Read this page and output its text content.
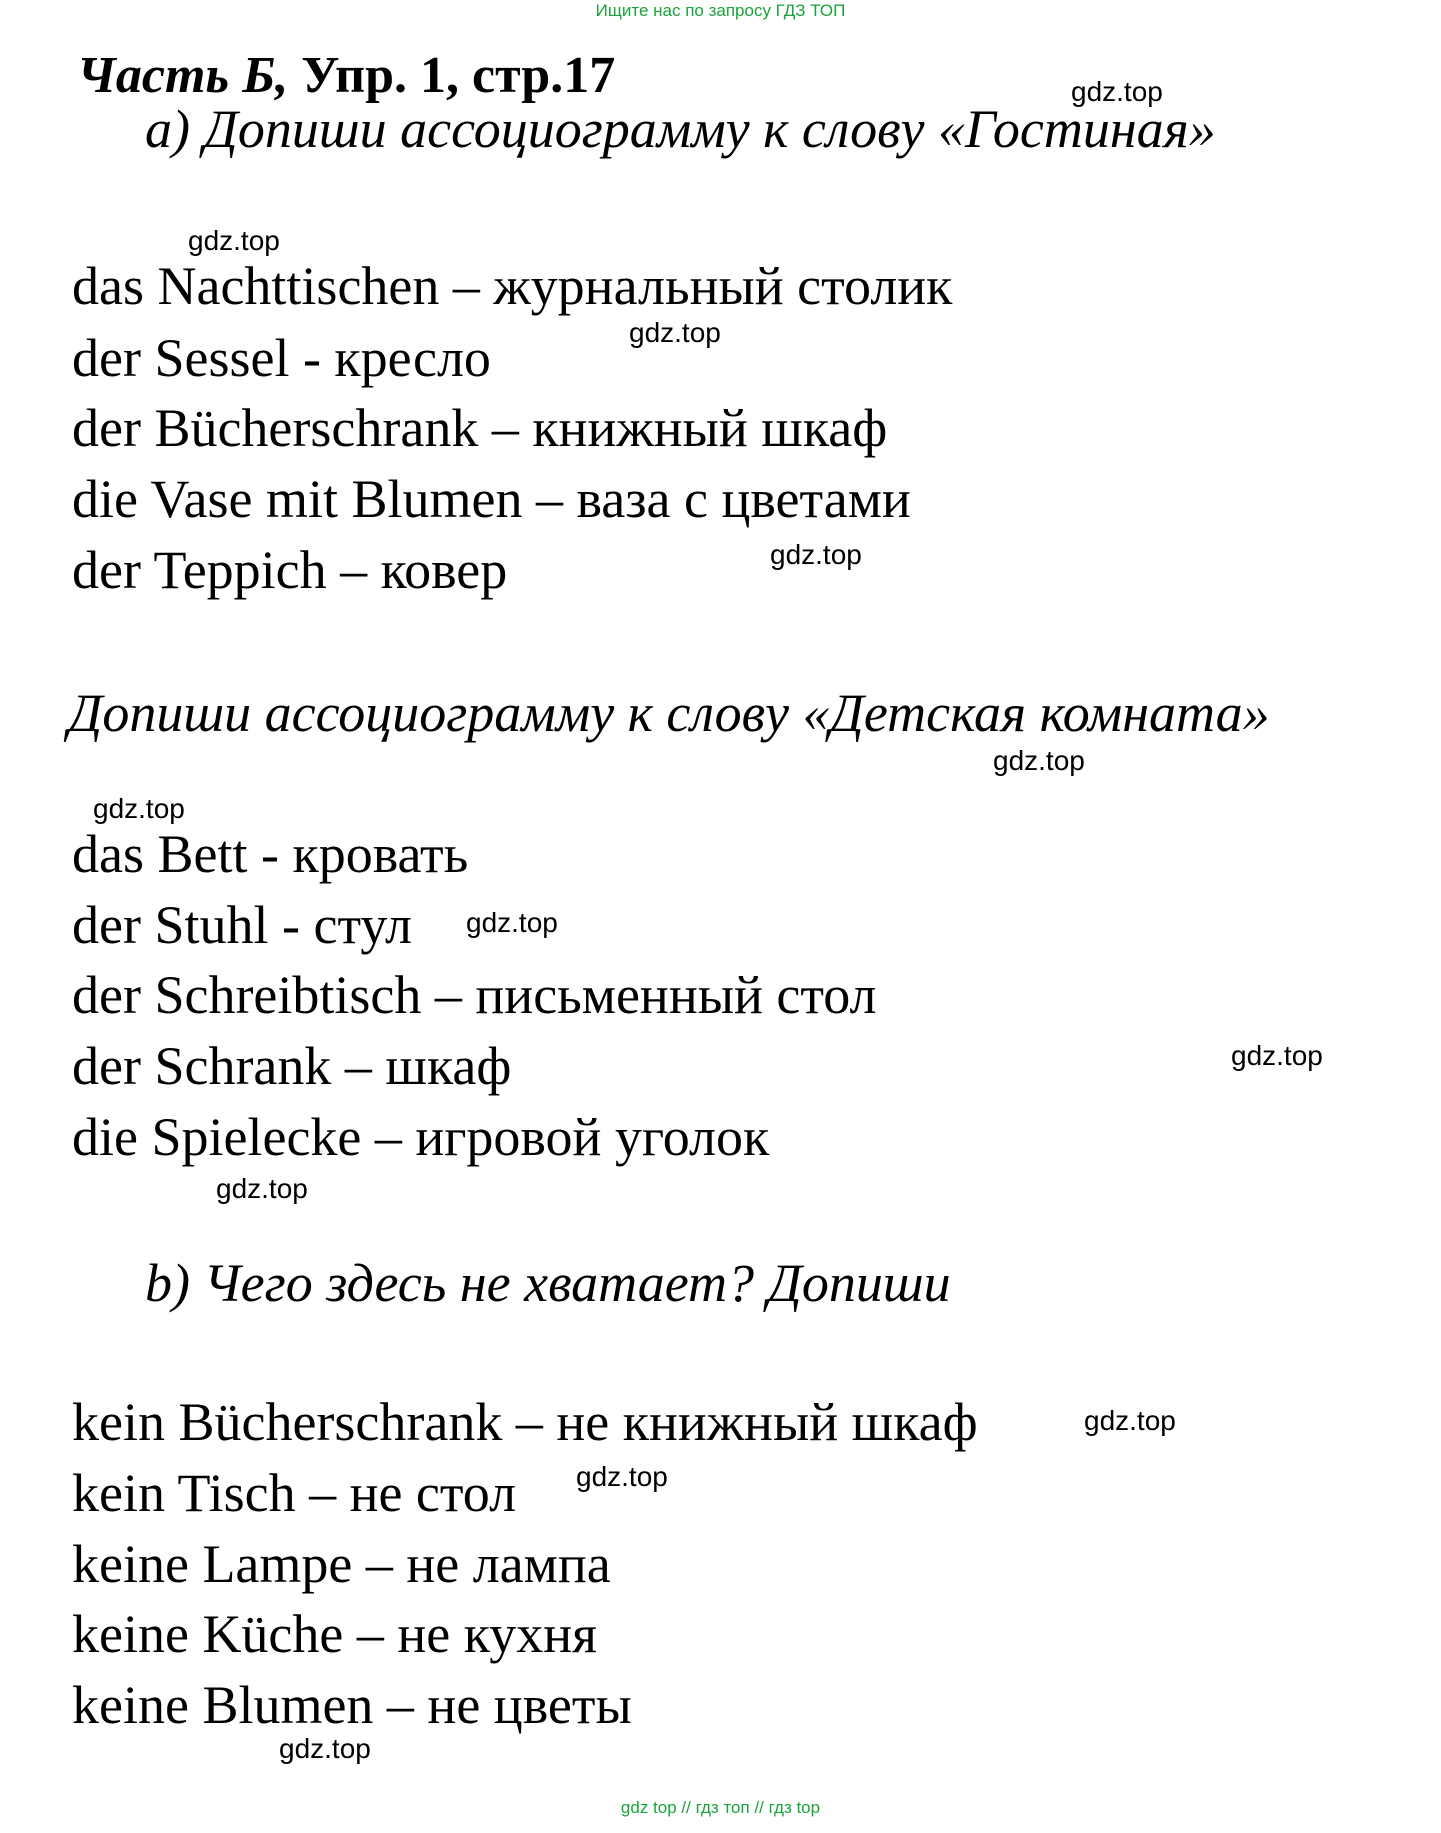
Ищите нас по запросу ГДЗ ТОП
Часть Б, Упр. 1, стр.17
a) Допиши ассоциограмму к слову «Гостиная»
das Nachttischen – журнальный столик
der Sessel - кресло
der Bücherschrank – книжный шкаф
die Vase mit Blumen – ваза с цветами
der Teppich – ковер
Допиши ассоциограмму к слову «Детская комната»
das Bett - кровать
der Stuhl - стул
der Schreibtisch – письменный стол
der Schrank – шкаф
die Spielecke – игровой уголок
b) Чего здесь не хватает? Допиши
kein Bücherschrank – не книжный шкаф
kein Tisch – не стол
keine Lampe – не лампа
keine Küche – не кухня
keine Blumen – не цветы
gdz.top
gdz.top
gdz.top
gdz.top
gdz.top
gdz.top
gdz.top
gdz.top
gdz.top
gdz.top
gdz.top
gdz.top
gdz top // гдз топ // гдз top
